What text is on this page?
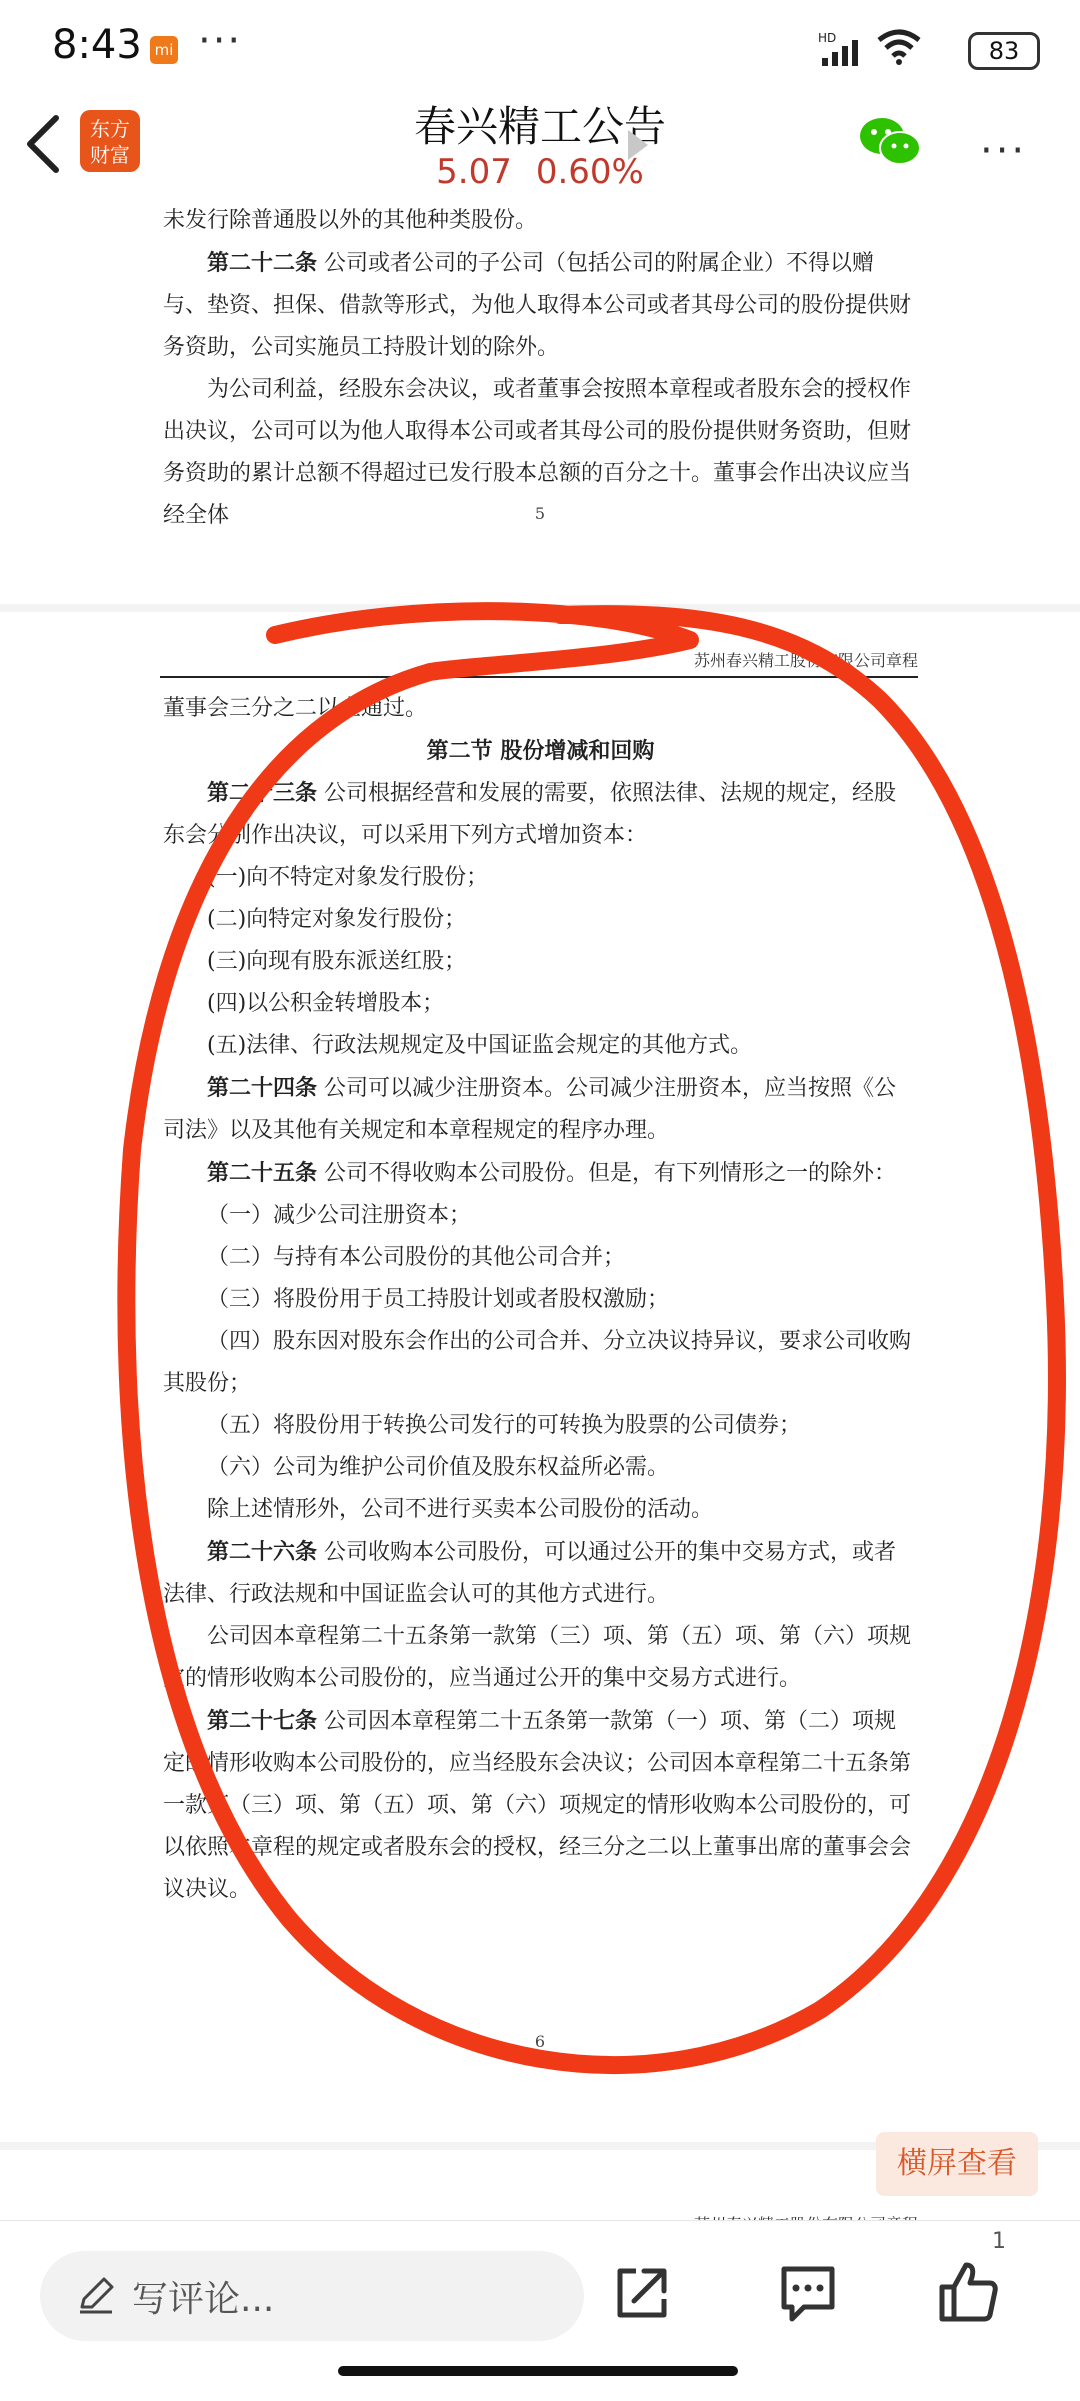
8:43 mi ···	HD	83
东方
财富
春兴精工公告
5.07 0.60%	···

未发行除普通股以外的其他种类股份。

第二十二条 公司或者公司的子公司（包括公司的附属企业）不得以赠与、垫资、担保、借款等形式，为他人取得本公司或者其母公司的股份提供财务资助，公司实施员工持股计划的除外。

为公司利益，经股东会决议，或者董事会按照本章程或者股东会的授权作出决议，公司可以为他人取得本公司或者其母公司的股份提供财务资助，但财务资助的累计总额不得超过已发行股本总额的百分之十。董事会作出决议应当经全体	5
苏州春兴精工股份有限公司章程

董事会三分之二以上通过。

第二节 股份增减和回购

第二十三条 公司根据经营和发展的需要，依照法律、法规的规定，经股东会分别作出决议，可以采用下列方式增加资本：

(一)向不特定对象发行股份；

(二)向特定对象发行股份；

(三)向现有股东派送红股；

(四)以公积金转增股本；

(五)法律、行政法规规定及中国证监会规定的其他方式。

第二十四条 公司可以减少注册资本。公司减少注册资本，应当按照《公司法》以及其他有关规定和本章程规定的程序办理。

第二十五条 公司不得收购本公司股份。但是，有下列情形之一的除外：

（一）减少公司注册资本；

（二）与持有本公司股份的其他公司合并；

（三）将股份用于员工持股计划或者股权激励；

（四）股东因对股东会作出的公司合并、分立决议持异议，要求公司收购其股份；

（五）将股份用于转换公司发行的可转换为股票的公司债券；

（六）公司为维护公司价值及股东权益所必需。

除上述情形外，公司不进行买卖本公司股份的活动。

第二十六条 公司收购本公司股份，可以通过公开的集中交易方式，或者法律、行政法规和中国证监会认可的其他方式进行。

公司因本章程第二十五条第一款第（三）项、第（五）项、第（六）项规定的情形收购本公司股份的，应当通过公开的集中交易方式进行。

第二十七条 公司因本章程第二十五条第一款第（一）项、第（二）项规定的情形收购本公司股份的，应当经股东会决议；公司因本章程第二十五条第一款第（三）项、第（五）项、第（六）项规定的情形收购本公司股份的，可以依照本章程的规定或者股东会的授权，经三分之二以上董事出席的董事会会议决议。

6
横屏查看
写评论...
1
